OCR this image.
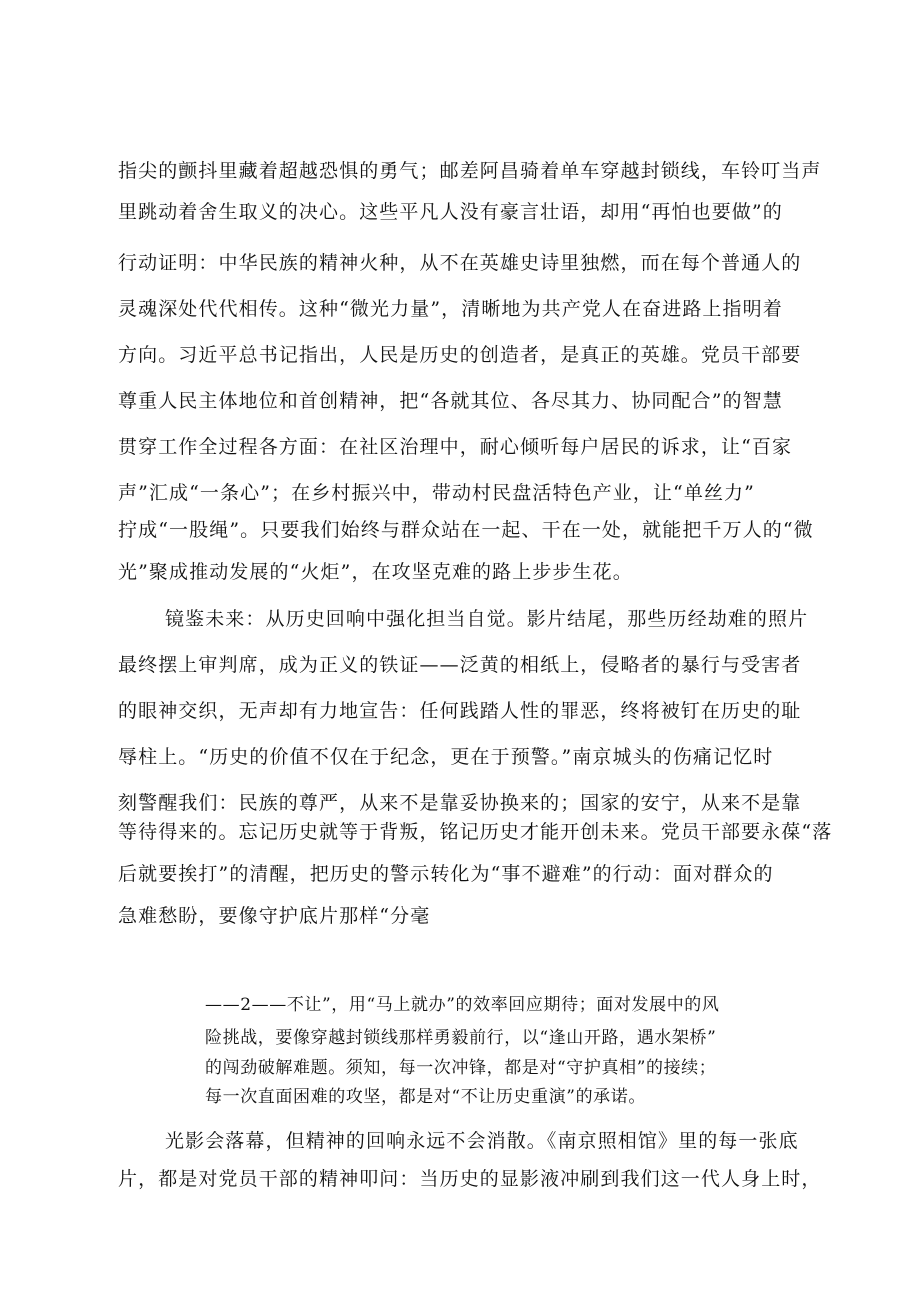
指尖的颤抖里藏着超越恐惧的勇气；邮差阿昌骑着单车穿越封锁线，车铃叮当声
里跳动着舍生取义的决心。这些平凡人没有豪言壮语，却用“再怕也要做”的
行动证明：中华民族的精神火种，从不在英雄史诗里独燃，而在每个普通人的
灵魂深处代代相传。这种“微光力量”，清晰地为共产党人在奋进路上指明着
方向。习近平总书记指出，人民是历史的创造者，是真正的英雄。党员干部要
尊重人民主体地位和首创精神，把“各就其位、各尽其力、协同配合”的智慧
贯穿工作全过程各方面：在社区治理中，耐心倾听每户居民的诉求，让“百家
声”汇成“一条心”；在乡村振兴中，带动村民盘活特色产业，让“单丝力”
拧成“一股绳”。只要我们始终与群众站在一起、干在一处，就能把千万人的“微
光”聚成推动发展的“火炬”，在攻坚克难的路上步步生花。
镜鉴未来：从历史回响中强化担当自觉。影片结尾，那些历经劫难的照片
最终摆上审判席，成为正义的铁证——泛黄的相纸上，侵略者的暴行与受害者
的眼神交织，无声却有力地宣告：任何践踏人性的罪恶，终将被钉在历史的耻
辱柱上。“历史的价值不仅在于纪念，更在于预警。”南京城头的伤痛记忆时
刻警醒我们：民族的尊严，从来不是靠妥协换来的；国家的安宁，从来不是靠
等待得来的。忘记历史就等于背叛，铭记历史才能开创未来。党员干部要永葆“落
后就要挨打”的清醒，把历史的警示转化为“事不避难”的行动：面对群众的
急难愁盼，要像守护底片那样“分毫
——2——不让”，用“马上就办”的效率回应期待；面对发展中的风
险挑战，要像穿越封锁线那样勇毅前行，以“逢山开路，遇水架桥”
的闯劲破解难题。须知，每一次冲锋，都是对“守护真相”的接续；
每一次直面困难的攻坚，都是对“不让历史重演”的承诺。
光影会落幕，但精神的回响永远不会消散。《南京照相馆》里的每一张底
片，都是对党员干部的精神叩问：当历史的显影液冲刷到我们这一代人身上时，
